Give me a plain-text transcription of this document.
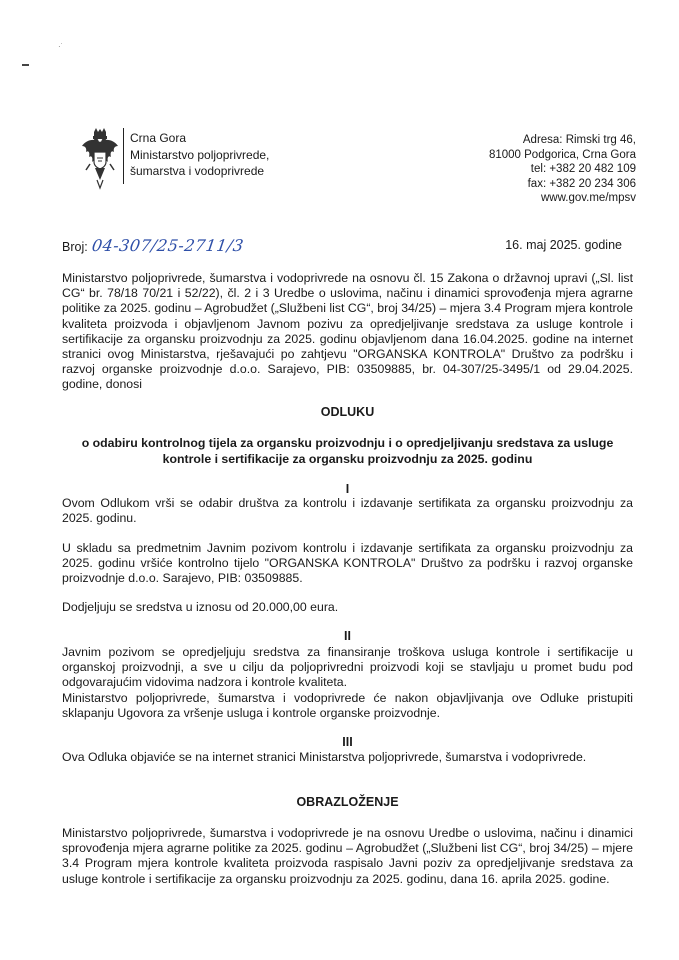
·˙
Crna Gora
Ministarstvo poljoprivrede,
šumarstva i vodoprivrede
Adresa: Rimski trg 46,
81000 Podgorica, Crna Gora
tel: +382 20 482 109
fax: +382 20 234 306
www.gov.me/mpsv
Broj: 04-307/25-2711/3	16. maj 2025. godine
Ministarstvo poljoprivrede, šumarstva i vodoprivrede na osnovu čl. 15 Zakona o državnoj upravi („Sl. list CG“ br. 78/18 70/21 i 52/22), čl. 2 i 3 Uredbe o uslovima, načinu i dinamici sprovođenja mjera agrarne politike za 2025. godinu – Agrobudžet („Službeni list CG“, broj 34/25) – mjera 3.4 Program mjera kontrole kvaliteta proizvoda i objavljenom Javnom pozivu za opredjeljivanje sredstava za usluge kontrole i sertifikacije za organsku proizvodnju za 2025. godinu objavljenom dana 16.04.2025. godine na internet stranici ovog Ministarstva, rješavajući po zahtjevu "ORGANSKA KONTROLA" Društvo za podršku i razvoj organske proizvodnje d.o.o. Sarajevo, PIB: 03509885, br. 04-307/25-3495/1 od 29.04.2025. godine, donosi
ODLUKU
o odabiru kontrolnog tijela za organsku proizvodnju i o opredjeljivanju sredstava za usluge kontrole i sertifikacije za organsku proizvodnju za 2025. godinu
I
Ovom Odlukom vrši se odabir društva za kontrolu i izdavanje sertifikata za organsku proizvodnju za 2025. godinu.
U skladu sa predmetnim Javnim pozivom kontrolu i izdavanje sertifikata za organsku proizvodnju za 2025. godinu vršiće kontrolno tijelo "ORGANSKA KONTROLA" Društvo za podršku i razvoj organske proizvodnje d.o.o. Sarajevo, PIB: 03509885.
Dodjeljuju se sredstva u iznosu od 20.000,00 eura.
II
Javnim pozivom se opredjeljuju sredstva za finansiranje troškova usluga kontrole i sertifikacije u organskoj proizvodnji, a sve u cilju da poljoprivredni proizvodi koji se stavljaju u promet budu pod odgovarajućim vidovima nadzora i kontrole kvaliteta.
Ministarstvo poljoprivrede, šumarstva i vodoprivrede će nakon objavljivanja ove Odluke pristupiti sklapanju Ugovora za vršenje usluga i kontrole organske proizvodnje.
III
Ova Odluka objaviće se na internet stranici Ministarstva poljoprivrede, šumarstva i vodoprivrede.
OBRAZLOŽENJE
Ministarstvo poljoprivrede, šumarstva i vodoprivrede je na osnovu Uredbe o uslovima, načinu i dinamici sprovođenja mjera agrarne politike za 2025. godinu – Agrobudžet („Službeni list CG“, broj 34/25) – mjere 3.4 Program mjera kontrole kvaliteta proizvoda raspisalo Javni poziv za opredjeljivanje sredstava za usluge kontrole i sertifikacije za organsku proizvodnju za 2025. godinu, dana 16. aprila 2025. godine.
